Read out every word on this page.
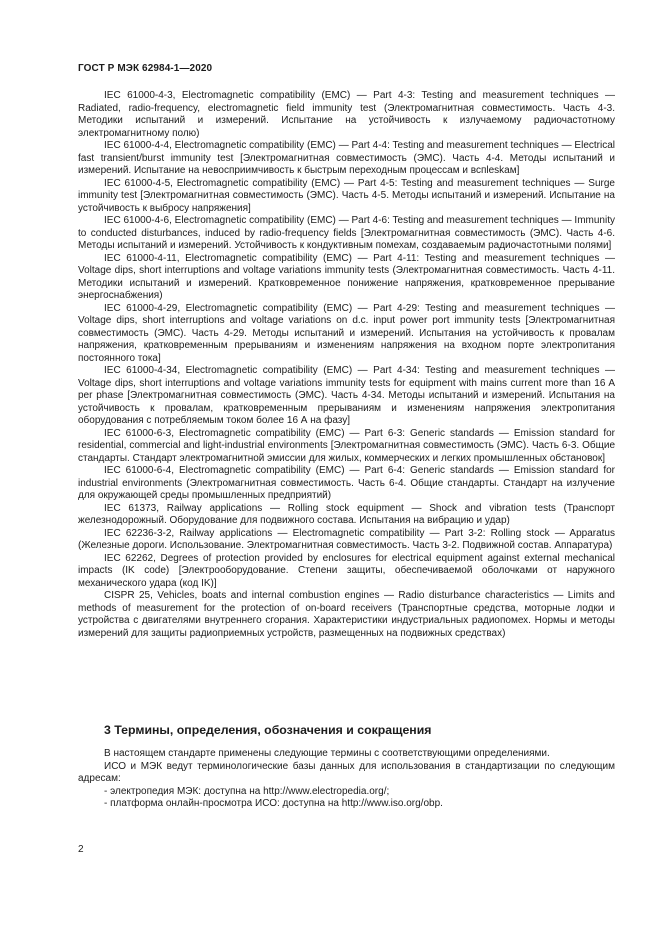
ГОСТ Р МЭК 62984-1—2020

IEC 61000-4-3, Electromagnetic compatibility (EMC) — Part 4-3: Testing and measurement techniques — Radiated, radio-frequency, electromagnetic field immunity test (Электромагнитная совместимость. Часть 4-3. Методики испытаний и измерений. Испытание на устойчивость к излучаемому радиочастотному электромагнитному полю)

IEC 61000-4-4, Electromagnetic compatibility (EMC) — Part 4-4: Testing and measurement techniques — Electrical fast transient/burst immunity test [Электромагнитная совместимость (ЭМС). Часть 4-4. Методы испытаний и измерений. Испытание на невосприимчивость к быстрым переходным процессам и вспleskам]

IEC 61000-4-5, Electromagnetic compatibility (EMC) — Part 4-5: Testing and measurement techniques — Surge immunity test [Электромагнитная совместимость (ЭМС). Часть 4-5. Методы испытаний и измерений. Испытание на устойчивость к выбросу напряжения]

IEC 61000-4-6, Electromagnetic compatibility (EMC) — Part 4-6: Testing and measurement techniques — Immunity to conducted disturbances, induced by radio-frequency fields [Электромагнитная совместимость (ЭМС). Часть 4-6. Методы испытаний и измерений. Устойчивость к кондуктивным помехам, создаваемым радиочастотными полями]

IEC 61000-4-11, Electromagnetic compatibility (EMC) — Part 4-11: Testing and measurement techniques — Voltage dips, short interruptions and voltage variations immunity tests (Электромагнитная совместимость. Часть 4-11. Методики испытаний и измерений. Кратковременное понижение напряжения, кратковременное прерывание энергоснабжения)

IEC 61000-4-29, Electromagnetic compatibility (EMC) — Part 4-29: Testing and measurement techniques — Voltage dips, short interruptions and voltage variations on d.c. input power port immunity tests [Электромагнитная совместимость (ЭМС). Часть 4-29. Методы испытаний и измерений. Испытания на устойчивость к провалам напряжения, кратковременным прерываниям и изменениям напряжения на входном порте электропитания постоянного тока]

IEC 61000-4-34, Electromagnetic compatibility (EMC) — Part 4-34: Testing and measurement techniques — Voltage dips, short interruptions and voltage variations immunity tests for equipment with mains current more than 16 A per phase [Электромагнитная совместимость (ЭМС). Часть 4-34. Методы испытаний и измерений. Испытания на устойчивость к провалам, кратковременным прерываниям и изменениям напряжения электропитания оборудования с потребляемым током более 16 А на фазу]

IEC 61000-6-3, Electromagnetic compatibility (EMC) — Part 6-3: Generic standards — Emission standard for residential, commercial and light-industrial environments [Электромагнитная совместимость (ЭМС). Часть 6-3. Общие стандарты. Стандарт электромагнитной эмиссии для жилых, коммерческих и легких промышленных обстановок]

IEC 61000-6-4, Electromagnetic compatibility (EMC) — Part 6-4: Generic standards — Emission standard for industrial environments (Электромагнитная совместимость. Часть 6-4. Общие стандарты. Стандарт на излучение для окружающей среды промышленных предприятий)

IEC 61373, Railway applications — Rolling stock equipment — Shock and vibration tests (Транспорт железнодорожный. Оборудование для подвижного состава. Испытания на вибрацию и удар)

IEC 62236-3-2, Railway applications — Electromagnetic compatibility — Part 3-2: Rolling stock — Apparatus (Железные дороги. Использование. Электромагнитная совместимость. Часть 3-2. Подвижной состав. Аппаратура)

IEC 62262, Degrees of protection provided by enclosures for electrical equipment against external mechanical impacts (IK code) [Электрооборудование. Степени защиты, обеспечиваемой оболочками от наружного механического удара (код IK)]

CISPR 25, Vehicles, boats and internal combustion engines — Radio disturbance characteristics — Limits and methods of measurement for the protection of on-board receivers (Транспортные средства, моторные лодки и устройства с двигателями внутреннего сгорания. Характеристики индустриальных радиопомех. Нормы и методы измерений для защиты радиоприемных устройств, размещенных на подвижных средствах)

3 Термины, определения, обозначения и сокращения

В настоящем стандарте применены следующие термины с соответствующими определениями.

ИСО и МЭК ведут терминологические базы данных для использования в стандартизации по следующим адресам:

- электропедия МЭК: доступна на http://www.electropedia.org/;
- платформа онлайн-просмотра ИСО: доступна на http://www.iso.org/obp.
2
